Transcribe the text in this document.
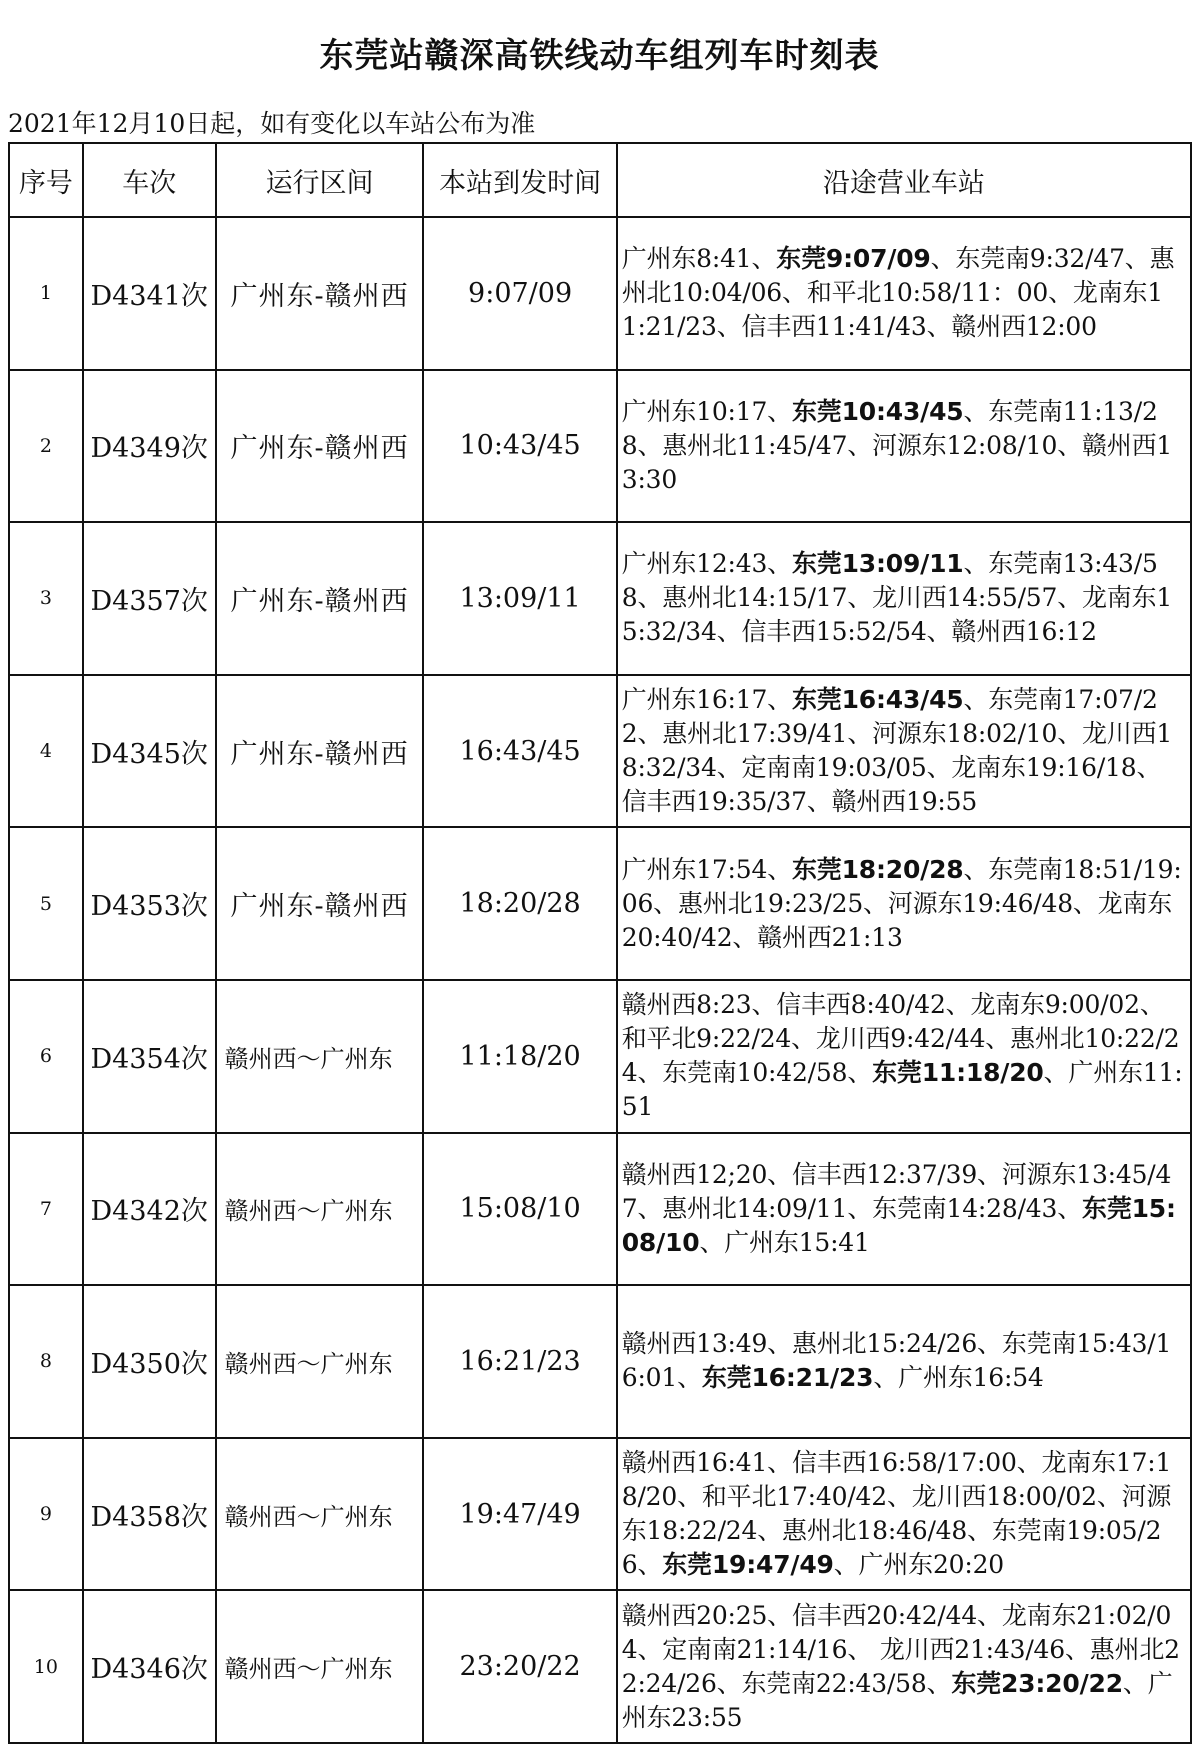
东莞站赣深高铁线动车组列车时刻表
2021年12月10日起，如有变化以车站公布为准
序号	车次	运行区间	本站到发时间	沿途营业车站
1	D4341次	广州东-赣州西	9:07/09	广州东8:41、东莞9:07/09、东莞南9:32/47、惠州北10:04/06、和平北10:58/11：00、龙南东11:21/23、信丰西11:41/43、赣州西12:00

2	D4349次	广州东-赣州西	10:43/45	广州东10:17、东莞10:43/45、东莞南11:13/28、惠州北11:45/47、河源东12:08/10、赣州西13:30

3	D4357次	广州东-赣州西	13:09/11	广州东12:43、东莞13:09/11、东莞南13:43/58、惠州北14:15/17、龙川西14:55/57、龙南东15:32/34、信丰西15:52/54、赣州西16:12

4	D4345次	广州东-赣州西	16:43/45	广州东16:17、东莞16:43/45、东莞南17:07/22、惠州北17:39/41、河源东18:02/10、龙川西18:32/34、定南南19:03/05、龙南东19:16/18、信丰西19:35/37、赣州西19:55

5	D4353次	广州东-赣州西	18:20/28	广州东17:54、东莞18:20/28、东莞南18:51/19:06、惠州北19:23/25、河源东19:46/48、龙南东20:40/42、赣州西21:13

6	D4354次	赣州西～广州东	11:18/20	赣州西8:23、信丰西8:40/42、龙南东9:00/02、和平北9:22/24、龙川西9:42/44、惠州北10:22/24、东莞南10:42/58、东莞11:18/20、广州东11:51

7	D4342次	赣州西～广州东	15:08/10	赣州西12;20、信丰西12:37/39、河源东13:45/47、惠州北14:09/11、东莞南14:28/43、东莞15:08/10、广州东15:41

8	D4350次	赣州西～广州东	16:21/23	赣州西13:49、惠州北15:24/26、东莞南15:43/16:01、东莞16:21/23、广州东16:54

9	D4358次	赣州西～广州东	19:47/49	赣州西16:41、信丰西16:58/17:00、龙南东17:18/20、和平北17:40/42、龙川西18:00/02、河源东18:22/24、惠州北18:46/48、东莞南19:05/26、东莞19:47/49、广州东20:20

10	D4346次	赣州西～广州东	23:20/22	赣州西20:25、信丰西20:42/44、龙南东21:02/04、定南南21:14/16、 龙川西21:43/46、惠州北22:24/26、东莞南22:43/58、东莞23:20/22、广州东23:55
